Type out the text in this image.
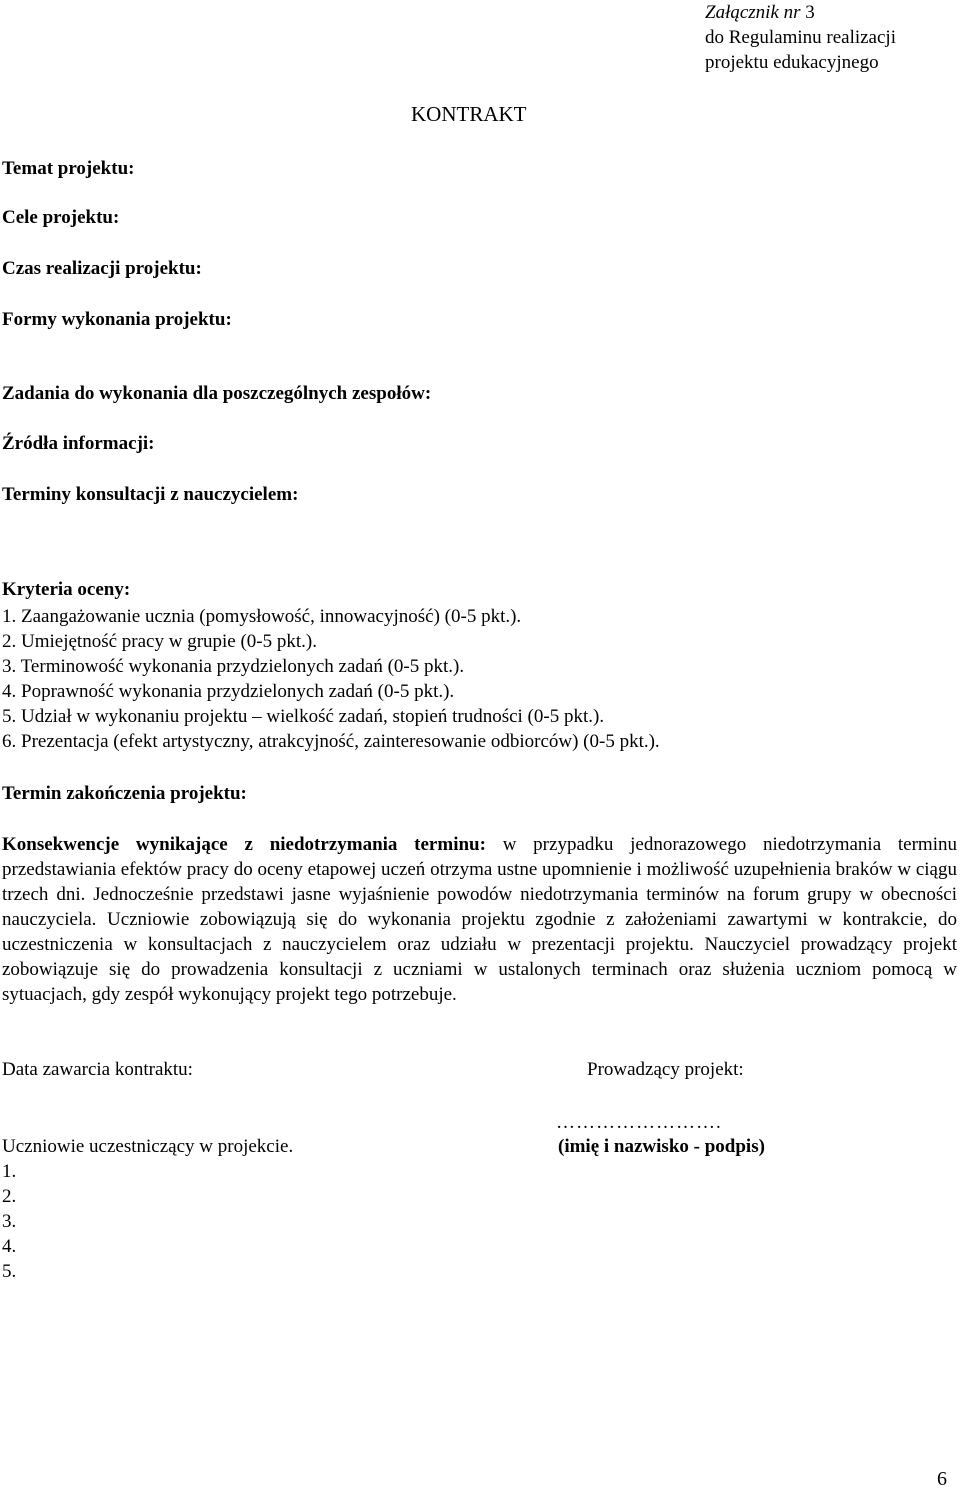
Załącznik nr 3
do Regulaminu realizacji
projektu edukacyjnego
KONTRAKT
Temat projektu:
Cele projektu:
Czas realizacji projektu:
Formy wykonania projektu:
Zadania do wykonania dla poszczególnych zespołów:
Źródła informacji:
Terminy konsultacji z nauczycielem:
Kryteria oceny:
1. Zaangażowanie ucznia (pomysłowość, innowacyjność) (0-5 pkt.).
2. Umiejętność pracy w grupie (0-5 pkt.).
3. Terminowość wykonania przydzielonych zadań (0-5 pkt.).
4. Poprawność wykonania przydzielonych zadań (0-5 pkt.).
5. Udział w wykonaniu projektu – wielkość zadań, stopień trudności (0-5 pkt.).
6. Prezentacja (efekt artystyczny, atrakcyjność, zainteresowanie odbiorców) (0-5 pkt.).
Termin zakończenia projektu:
Konsekwencje wynikające z niedotrzymania terminu: w przypadku jednorazowego niedotrzymania terminu przedstawiania efektów pracy do oceny etapowej uczeń otrzyma ustne upomnienie i możliwość uzupełnienia braków w ciągu trzech dni. Jednocześnie przedstawi jasne wyjaśnienie powodów niedotrzymania terminów na forum grupy w obecności nauczyciela. Uczniowie zobowiązują się do wykonania projektu zgodnie z założeniami zawartymi w kontrakcie, do uczestniczenia w konsultacjach z nauczycielem oraz udziału w prezentacji projektu. Nauczyciel prowadzący projekt zobowiązuje się do prowadzenia konsultacji z uczniami w ustalonych terminach oraz służenia uczniom pomocą w sytuacjach, gdy zespół wykonujący projekt tego potrzebuje.
Data zawarcia kontraktu:	Prowadzący projekt:
…………………….
(imię i nazwisko - podpis)
Uczniowie uczestniczący w projekcie.
1.
2.
3.
4.
5.
6
